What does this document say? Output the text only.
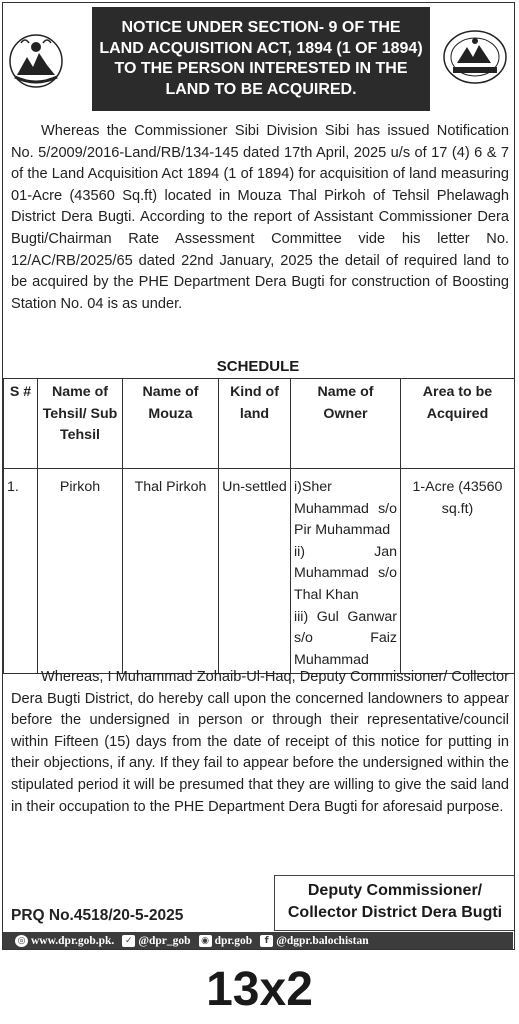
NOTICE UNDER SECTION- 9 OF THE LAND ACQUISITION ACT, 1894 (1 OF 1894) TO THE PERSON INTERESTED IN THE LAND TO BE ACQUIRED.

Whereas the Commissioner Sibi Division Sibi has issued Notification No. 5/2009/2016-Land/RB/134-145 dated 17th April, 2025 u/s of 17 (4) 6 & 7 of the Land Acquisition Act 1894 (1 of 1894) for acquisition of land measuring 01-Acre (43560 Sq.ft) located in Mouza Thal Pirkoh of Tehsil Phelawagh District Dera Bugti. According to the report of Assistant Commissioner Dera Bugti/Chairman Rate Assessment Committee vide his letter No. 12/AC/RB/2025/65 dated 22nd January, 2025 the detail of required land to be acquired by the PHE Department Dera Bugti for construction of Boosting Station No. 04 is as under.

SCHEDULE

S #	Name of Tehsil/ Sub Tehsil	Name of Mouza	Kind of land	Name of Owner	Area to be Acquired
1.	Pirkoh	Thal Pirkoh	Un-settled	i)Sher Muhammad s/o Pir Muhammad
ii) Jan Muhammad s/o Thal Khan
iii) Gul Ganwar s/o Faiz Muhammad	1-Acre (43560 sq.ft)

Whereas, I Muhammad Zohaib-Ul-Haq, Deputy Commissioner/ Collector Dera Bugti District, do hereby call upon the concerned landowners to appear before the undersigned in person or through their representative/council within Fifteen (15) days from the date of receipt of this notice for putting in their objections, if any. If they fail to appear before the undersigned within the stipulated period it will be presumed that they are willing to give the said land in their occupation to the PHE Department Dera Bugti for aforesaid purpose.

PRQ No.4518/20-5-2025

Deputy Commissioner/
Collector District Dera Bugti
◎ www.dpr.gob.pk.	✓ @dpr_gob ◉ dpr.gob	f @dgpr.balochistan

13x2
